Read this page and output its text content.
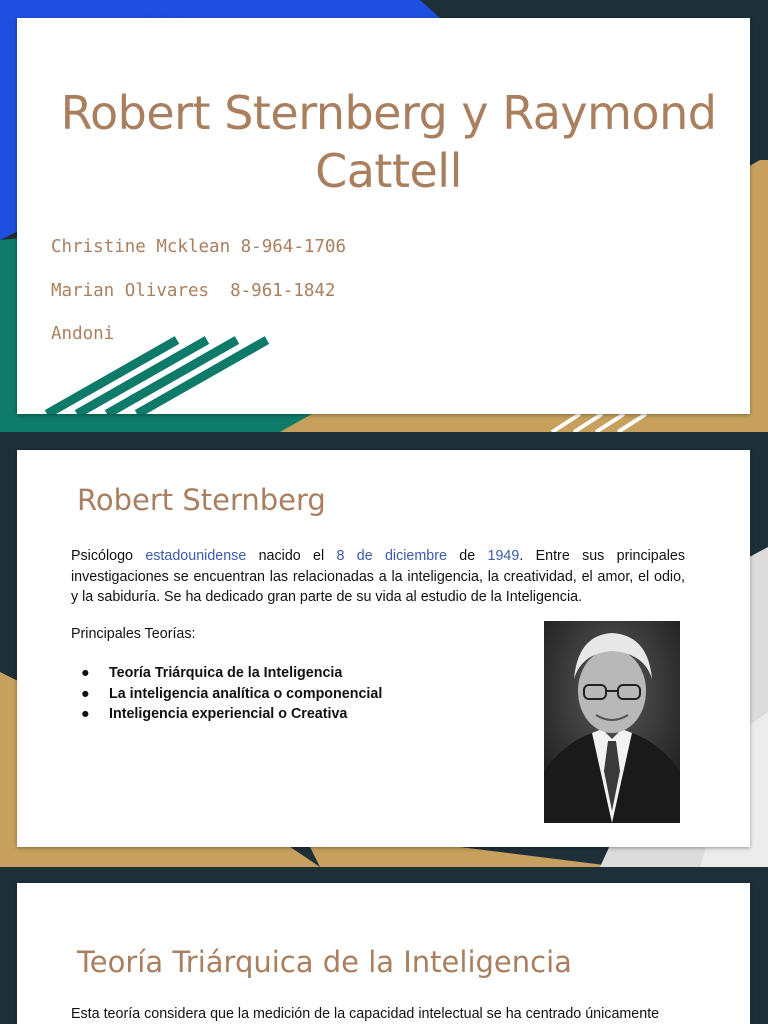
Robert Sternberg y Raymond Cattell

Christine Mcklean 8-964-1706

Marian Olivares  8-961-1842

Andoni

Robert Sternberg

Psicólogo estadounidense nacido el 8 de diciembre de 1949. Entre sus principales investigaciones se encuentran las relacionadas a la inteligencia, la creatividad, el amor, el odio, y la sabiduría. Se ha dedicado gran parte de su vida al estudio de la Inteligencia.

Principales Teorías:

● Teoría Triárquica de la Inteligencia
● La inteligencia analítica o componencial
● Inteligencia experiencial o Creativa
Teoría Triárquica de la Inteligencia

Esta teoría considera que la medición de la capacidad intelectual se ha centrado únicamente
